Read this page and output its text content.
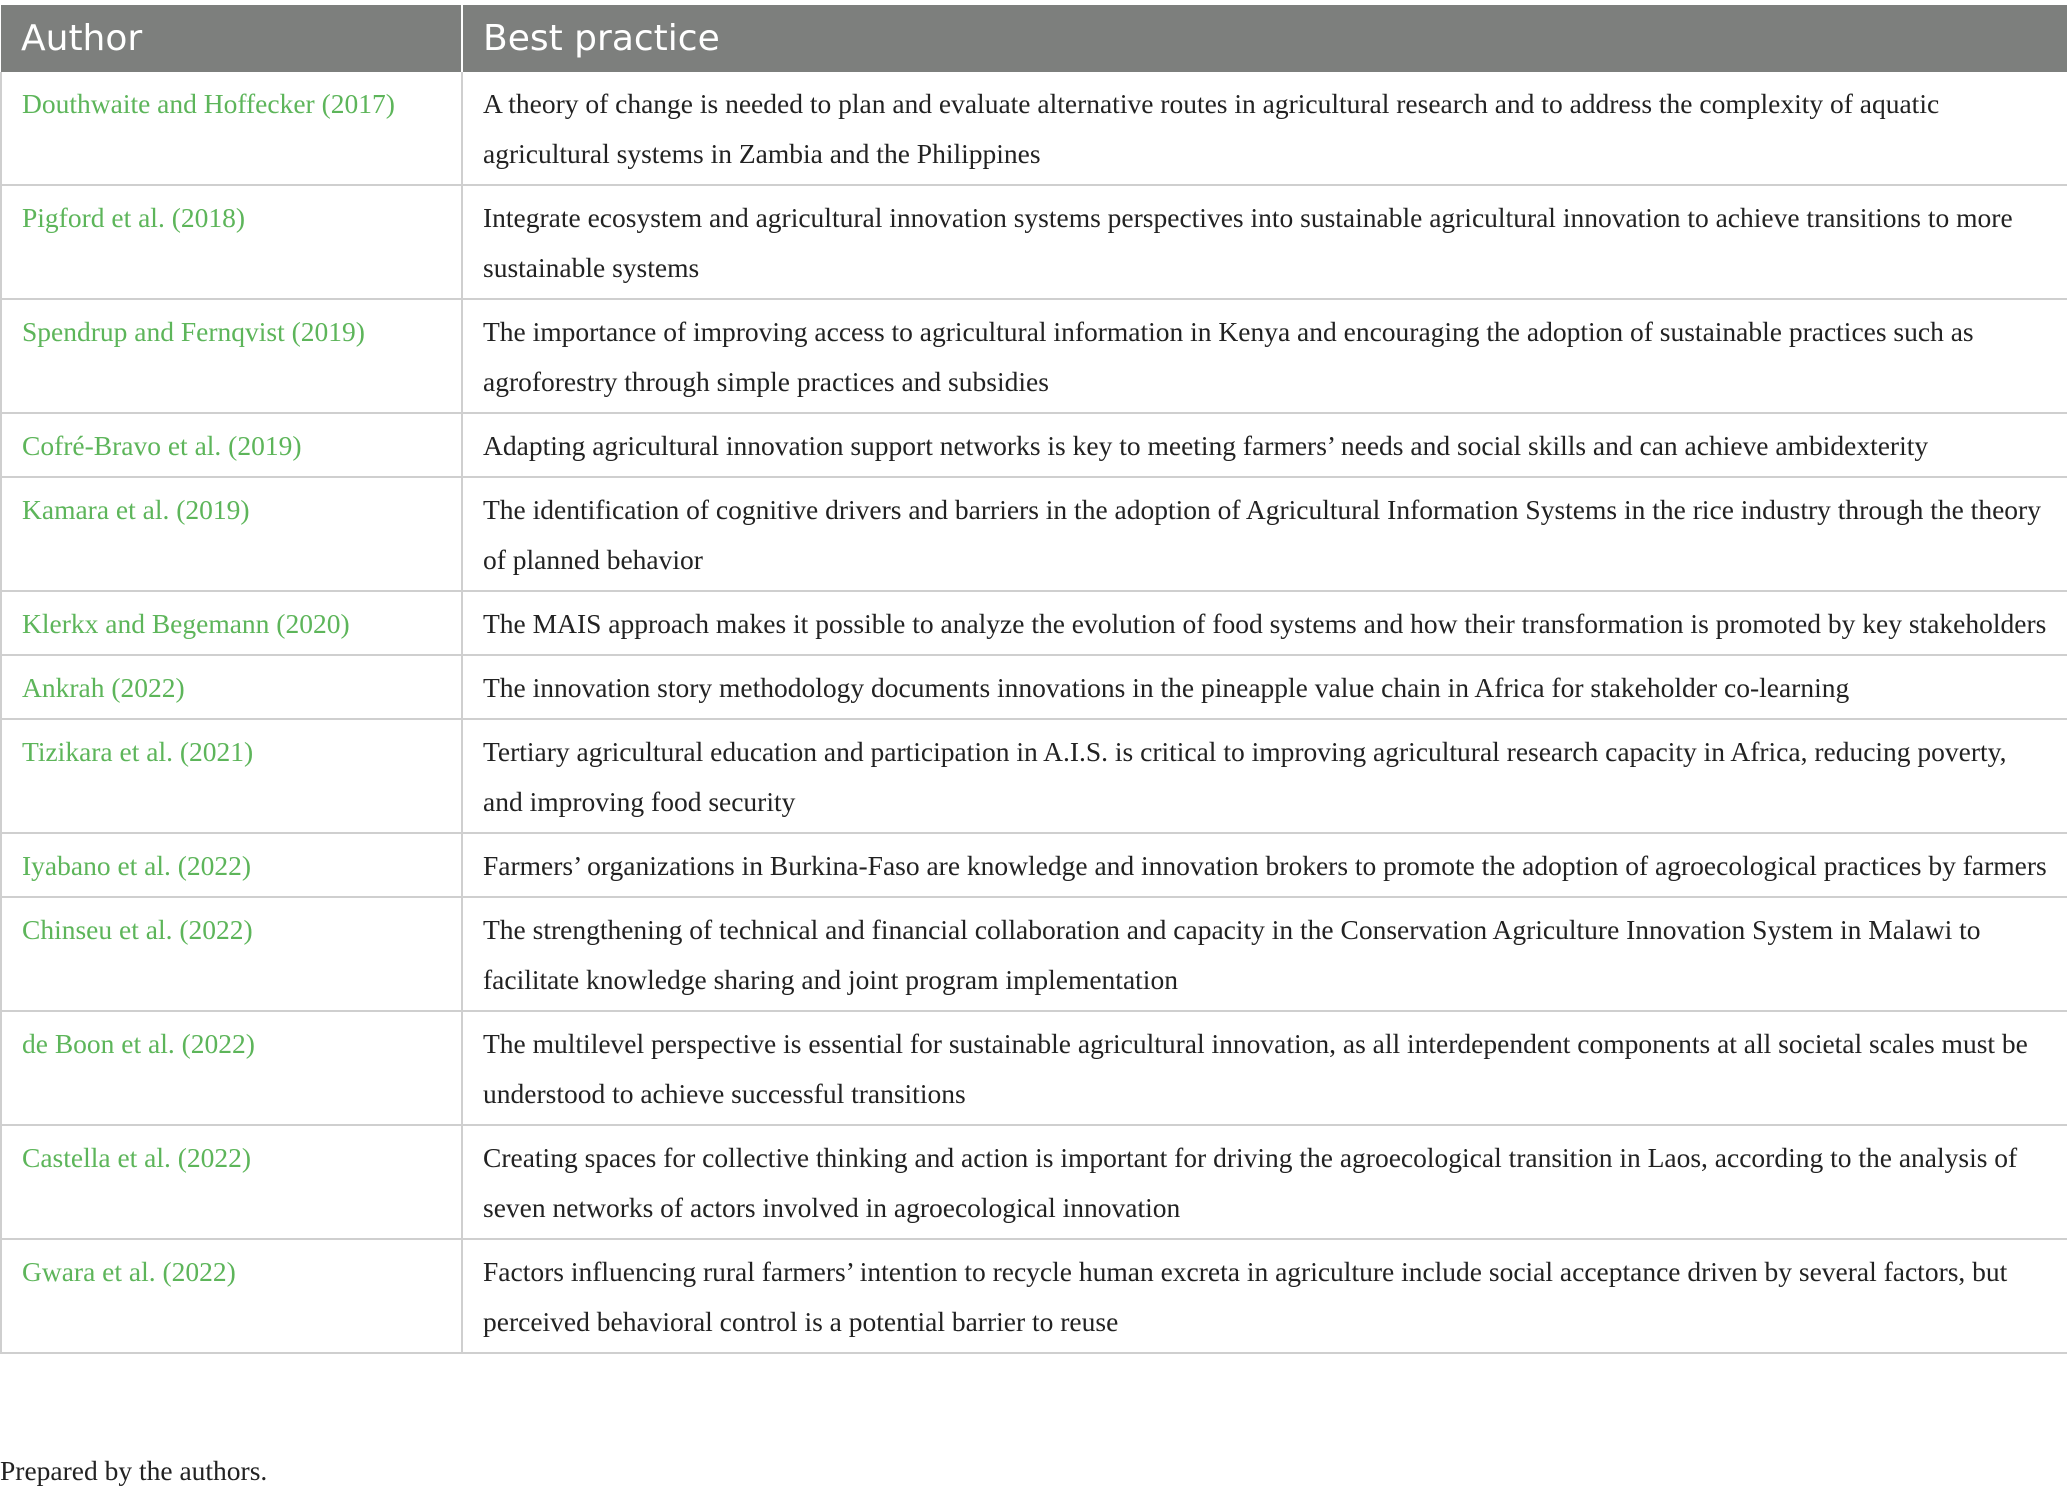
Author	Best practice
Douthwaite and Hoffecker (2017)	A theory of change is needed to plan and evaluate alternative routes in agricultural research and to address the complexity of aquatic agricultural systems in Zambia and the Philippines
Pigford et al. (2018)	Integrate ecosystem and agricultural innovation systems perspectives into sustainable agricultural innovation to achieve transitions to more sustainable systems
Spendrup and Fernqvist (2019)	The importance of improving access to agricultural information in Kenya and encouraging the adoption of sustainable practices such as agroforestry through simple practices and subsidies
Cofré-Bravo et al. (2019)	Adapting agricultural innovation support networks is key to meeting farmers’ needs and social skills and can achieve ambidexterity
Kamara et al. (2019)	The identification of cognitive drivers and barriers in the adoption of Agricultural Information Systems in the rice industry through the theory of planned behavior
Klerkx and Begemann (2020)	The MAIS approach makes it possible to analyze the evolution of food systems and how their transformation is promoted by key stakeholders
Ankrah (2022)	The innovation story methodology documents innovations in the pineapple value chain in Africa for stakeholder co-learning
Tizikara et al. (2021)	Tertiary agricultural education and participation in A.I.S. is critical to improving agricultural research capacity in Africa, reducing poverty, and improving food security
Iyabano et al. (2022)	Farmers’ organizations in Burkina-Faso are knowledge and innovation brokers to promote the adoption of agroecological practices by farmers
Chinseu et al. (2022)	The strengthening of technical and financial collaboration and capacity in the Conservation Agriculture Innovation System in Malawi to facilitate knowledge sharing and joint program implementation
de Boon et al. (2022)	The multilevel perspective is essential for sustainable agricultural innovation, as all interdependent components at all societal scales must be understood to achieve successful transitions
Castella et al. (2022)	Creating spaces for collective thinking and action is important for driving the agroecological transition in Laos, according to the analysis of seven networks of actors involved in agroecological innovation
Gwara et al. (2022)	Factors influencing rural farmers’ intention to recycle human excreta in agriculture include social acceptance driven by several factors, but perceived behavioral control is a potential barrier to reuse
Prepared by the authors.
